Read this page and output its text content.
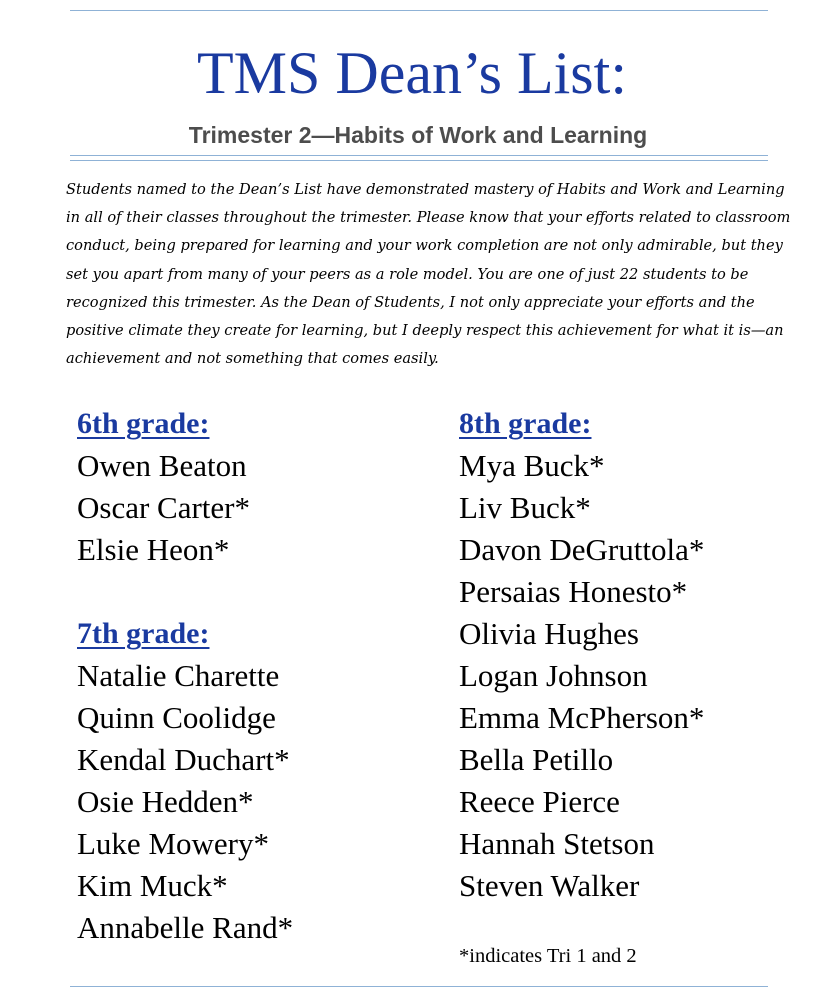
TMS Dean’s List:
Trimester 2—Habits of Work and Learning

Students named to the Dean’s List have demonstrated mastery of Habits and Work and Learning in all of their classes throughout the trimester. Please know that your efforts related to classroom conduct, being prepared for learning and your work completion are not only admirable, but they set you apart from many of your peers as a role model. You are one of just 22 students to be recognized this trimester. As the Dean of Students, I not only appreciate your efforts and the positive climate they create for learning, but I deeply respect this achievement for what it is—an achievement and not something that comes easily.

6th grade:
Owen Beaton
Oscar Carter*
Elsie Heon*
7th grade:
Natalie Charette
Quinn Coolidge
Kendal Duchart*
Osie Hedden*
Luke Mowery*
Kim Muck*
Annabelle Rand*
8th grade:
Mya Buck*
Liv Buck*
Davon DeGruttola*
Persaias Honesto*
Olivia Hughes
Logan Johnson
Emma McPherson*
Bella Petillo
Reece Pierce
Hannah Stetson
Steven Walker
*indicates Tri 1 and 2
